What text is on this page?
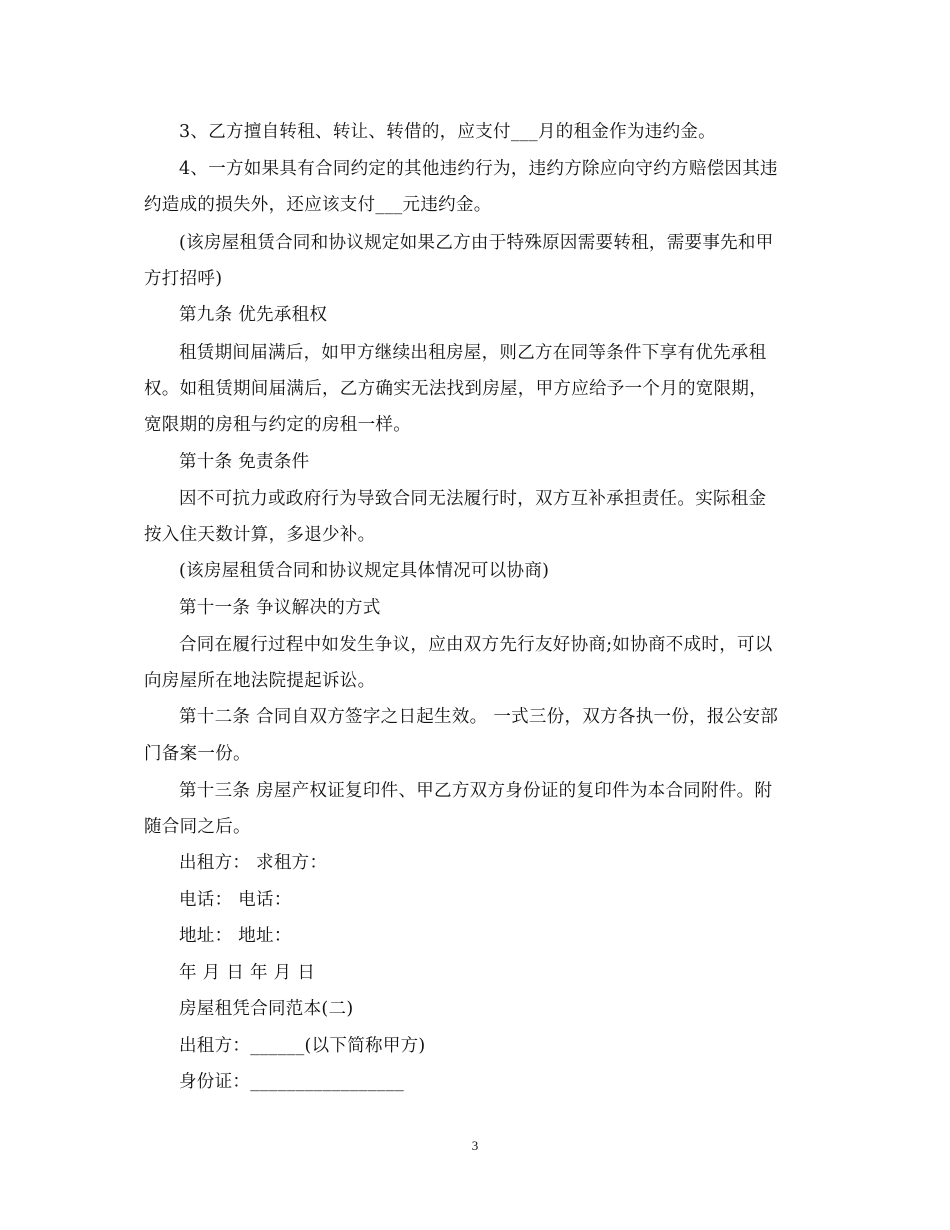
3、乙方擅自转租、转让、转借的，应支付___月的租金作为违约金。
4、一方如果具有合同约定的其他违约行为，违约方除应向守约方赔偿因其违
约造成的损失外，还应该支付___元违约金。
(该房屋租赁合同和协议规定如果乙方由于特殊原因需要转租，需要事先和甲
方打招呼)
第九条 优先承租权
租赁期间届满后，如甲方继续出租房屋，则乙方在同等条件下享有优先承租
权。如租赁期间届满后，乙方确实无法找到房屋，甲方应给予一个月的宽限期，
宽限期的房租与约定的房租一样。
第十条 免责条件
因不可抗力或政府行为导致合同无法履行时，双方互补承担责任。实际租金
按入住天数计算，多退少补。
(该房屋租赁合同和协议规定具体情况可以协商)
第十一条 争议解决的方式
合同在履行过程中如发生争议，应由双方先行友好协商;如协商不成时，可以
向房屋所在地法院提起诉讼。
第十二条 合同自双方签字之日起生效。 一式三份，双方各执一份，报公安部
门备案一份。
第十三条 房屋产权证复印件、甲乙方双方身份证的复印件为本合同附件。附
随合同之后。
出租方： 求租方：
电话： 电话：
地址： 地址：
年 月 日 年 月 日
房屋租凭合同范本(二)
出租方：______(以下简称甲方)
身份证：_________________
3
